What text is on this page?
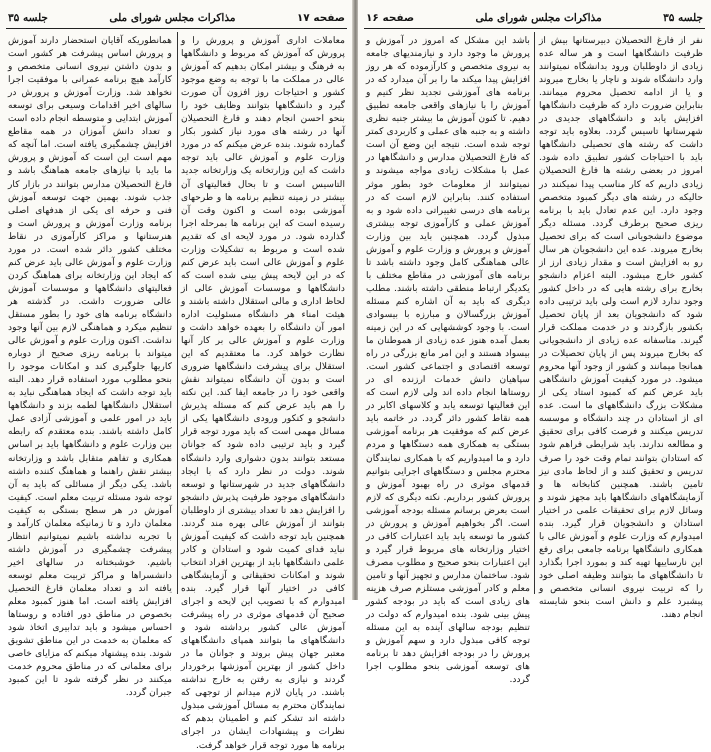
صفحه ۱۷
مذاکرات مجلس شورای ملی
جلسه ۳۵

معاملات اداری آموزش و پرورش را و پرورش که آموزش که مربوط و دانشگاهها به فرهنگ و بیشتر امکان بدهیم که آموزش عالی در مملکت ما با توجه به وضع موجود کشور و احتیاجات روز افزون آن صورت گیرد و دانشگاهها بتوانند وظایف خود را بنحو احسن انجام دهند و فارغ التحصیلان آنها در رشته های مورد نیاز کشور بکار گمارده شوند. بنده عرض میکنم که در مورد وزارت علوم و آموزش عالی باید توجه داشت که این وزارتخانه یک وزارتخانه جدید التاسیس است و تا بحال فعالیتهای آن بیشتر در زمینه تنظیم برنامه ها و طرحهای آموزشی بوده است و اکنون وقت آن رسیده است که این برنامه ها بمرحله اجرا گذارده شود. در مورد لایحه ای که تقدیم شده است و مربوط به تشکیلات وزارت علوم و آموزش عالی است باید عرض کنم که در این لایحه پیش بینی شده است که دانشگاهها و موسسات آموزش عالی از لحاظ اداری و مالی استقلال داشته باشند و هیئت امناء هر دانشگاه مسئولیت اداره امور آن دانشگاه را بعهده خواهد داشت و وزارت علوم و آموزش عالی بر کار آنها نظارت خواهد کرد. ما معتقدیم که این استقلال برای پیشرفت دانشگاهها ضروری است و بدون آن دانشگاه نمیتواند نقش واقعی خود را در جامعه ایفا کند. این نکته را هم باید عرض کنم که مسئله پذیرش دانشجو و کنکور ورودی دانشگاهها یکی از مسائل مهمی است که باید مورد توجه قرار گیرد و باید ترتیبی داده شود که جوانان مستعد بتوانند بدون دشواری وارد دانشگاه شوند. دولت در نظر دارد که با ایجاد دانشگاههای جدید در شهرستانها و توسعه دانشگاههای موجود ظرفیت پذیرش دانشجو را افزایش دهد تا تعداد بیشتری از داوطلبان بتوانند از آموزش عالی بهره مند گردند. همچنین باید توجه داشت که کیفیت آموزش نباید فدای کمیت شود و استادان و کادر علمی دانشگاهها باید از بهترین افراد انتخاب شوند و امکانات تحقیقاتی و آزمایشگاهی کافی در اختیار آنها قرار گیرد. بنده امیدوارم که با تصویب این لایحه و اجرای صحیح آن قدمهای موثری در راه پیشرفت آموزش عالی کشور برداشته شود و دانشگاههای ما بتوانند همپای دانشگاههای معتبر جهان پیش بروند و جوانان ما در داخل کشور از بهترین آموزشها برخوردار گردند و نیازی به رفتن به خارج نداشته باشند. در پایان لازم میدانم از توجهی که نمایندگان محترم به مسائل آموزشی مبذول داشته اند تشکر کنم و اطمینان بدهم که نظرات و پیشنهادات ایشان در اجرای برنامه ها مورد توجه قرار خواهد گرفت.

همانطوریکه آقایان استحضار دارند آموزش و پرورش اساس پیشرفت هر کشور است و بدون داشتن نیروی انسانی متخصص و کارآمد هیچ برنامه عمرانی با موفقیت اجرا نخواهد شد. وزارت آموزش و پرورش در سالهای اخیر اقدامات وسیعی برای توسعه آموزش ابتدایی و متوسطه انجام داده است و تعداد دانش آموزان در همه مقاطع افزایش چشمگیری یافته است. اما آنچه که مهم است این است که آموزش و پرورش ما باید با نیازهای جامعه هماهنگ باشد و فارغ التحصیلان مدارس بتوانند در بازار کار جذب شوند. بهمین جهت توسعه آموزش فنی و حرفه ای یکی از هدفهای اصلی برنامه وزارت آموزش و پرورش است و هنرستانها و مراکز کارآموزی در نقاط مختلف کشور دائر شده است. در مورد وزارت علوم و آموزش عالی باید عرض کنم که ایجاد این وزارتخانه برای هماهنگ کردن فعالیتهای دانشگاهها و موسسات آموزش عالی ضرورت داشت. در گذشته هر دانشگاه برنامه های خود را بطور مستقل تنظیم میکرد و هماهنگی لازم بین آنها وجود نداشت. اکنون وزارت علوم و آموزش عالی میتواند با برنامه ریزی صحیح از دوباره کاریها جلوگیری کند و امکانات موجود را بنحو مطلوب مورد استفاده قرار دهد. البته باید توجه داشت که ایجاد هماهنگی نباید به استقلال دانشگاهها لطمه بزند و دانشگاهها باید در امور علمی و آموزشی آزادی عمل کامل داشته باشند. بنده معتقدم که رابطه بین وزارت علوم و دانشگاهها باید بر اساس همکاری و تفاهم متقابل باشد و وزارتخانه بیشتر نقش راهنما و هماهنگ کننده داشته باشد. یکی دیگر از مسائلی که باید به آن توجه شود مسئله تربیت معلم است. کیفیت آموزش در هر سطح بستگی به کیفیت معلمان دارد و تا زمانیکه معلمان کارآمد و با تجربه نداشته باشیم نمیتوانیم انتظار پیشرفت چشمگیری در آموزش داشته باشیم. خوشبختانه در سالهای اخیر دانشسراها و مراکز تربیت معلم توسعه یافته اند و تعداد معلمان فارغ التحصیل افزایش یافته است. اما هنوز کمبود معلم بخصوص در مناطق دور افتاده و روستاها احساس میشود و باید تدابیری اتخاذ شود که معلمان به خدمت در این مناطق تشویق شوند. بنده پیشنهاد میکنم که مزایای خاصی برای معلمانی که در مناطق محروم خدمت میکنند در نظر گرفته شود تا این کمبود جبران گردد.

جلسه ۳۵
مذاکرات مجلس شورای ملی
صفحه ۱۶

نفر از فارغ التحصیلان دبیرستانها بیش از ظرفیت دانشگاهها است و هر ساله عده زیادی از داوطلبان ورود بدانشگاه نمیتوانند وارد دانشگاه شوند و ناچار یا بخارج میروند و یا از ادامه تحصیل محروم میمانند. بنابراین ضرورت دارد که ظرفیت دانشگاهها افزایش یابد و دانشگاههای جدیدی در شهرستانها تاسیس گردد. بعلاوه باید توجه داشت که رشته های تحصیلی دانشگاهها باید با احتیاجات کشور تطبیق داده شود. امروز در بعضی رشته ها فارغ التحصیلان زیادی داریم که کار مناسب پیدا نمیکنند در حالیکه در رشته های دیگر کمبود متخصص وجود دارد. این عدم تعادل باید با برنامه ریزی صحیح برطرف گردد. مسئله دیگر موضوع دانشجویانی است که برای تحصیل بخارج میروند. عده این دانشجویان هر سال رو به افزایش است و مقدار زیادی ارز از کشور خارج میشود. البته اعزام دانشجو بخارج برای رشته هایی که در داخل کشور وجود ندارد لازم است ولی باید ترتیبی داده شود که دانشجویان بعد از پایان تحصیل بکشور بازگردند و در خدمت مملکت قرار گیرند. متاسفانه عده زیادی از دانشجویانی که بخارج میروند پس از پایان تحصیلات در همانجا میمانند و کشور از وجود آنها محروم میشود. در مورد کیفیت آموزش دانشگاهی باید عرض کنم که کمبود استاد یکی از مشکلات بزرگ دانشگاههای ما است. عده ای از استادان در چند دانشگاه و موسسه تدریس میکنند و فرصت کافی برای تحقیق و مطالعه ندارند. باید شرایطی فراهم شود که استادان بتوانند تمام وقت خود را صرف تدریس و تحقیق کنند و از لحاظ مادی نیز تامین باشند. همچنین کتابخانه ها و آزمایشگاههای دانشگاهها باید مجهز شوند و وسائل لازم برای تحقیقات علمی در اختیار استادان و دانشجویان قرار گیرد. بنده امیدوارم که وزارت علوم و آموزش عالی با همکاری دانشگاهها برنامه جامعی برای رفع این نارساییها تهیه کند و بمورد اجرا بگذارد تا دانشگاههای ما بتوانند وظیفه اصلی خود را که تربیت نیروی انسانی متخصص و پیشبرد علم و دانش است بنحو شایسته انجام دهند.

باشد این مشکل که امروز در آموزش و پرورش ما وجود دارد و نیازمندیهای جامعه به نیروی متخصص و کارآزموده که هر روز افزایش پیدا میکند ما را بر آن میدارد که در برنامه های آموزشی تجدید نظر کنیم و آموزش را با نیازهای واقعی جامعه تطبیق دهیم. تا کنون آموزش ما بیشتر جنبه نظری داشته و به جنبه های عملی و کاربردی کمتر توجه شده است. نتیجه این وضع آن است که فارغ التحصیلان مدارس و دانشگاهها در عمل با مشکلات زیادی مواجه میشوند و نمیتوانند از معلومات خود بطور موثر استفاده کنند. بنابراین لازم است که در برنامه های درسی تغییراتی داده شود و به آموزش عملی و کارآموزی توجه بیشتری مبذول گردد. همچنین باید بین وزارت آموزش و پرورش و وزارت علوم و آموزش عالی هماهنگی کامل وجود داشته باشد تا برنامه های آموزشی در مقاطع مختلف با یکدیگر ارتباط منطقی داشته باشند. مطلب دیگری که باید به آن اشاره کنم مسئله آموزش بزرگسالان و مبارزه با بیسوادی است. با وجود کوششهایی که در این زمینه بعمل آمده هنوز عده زیادی از هموطنان ما بیسواد هستند و این امر مانع بزرگی در راه توسعه اقتصادی و اجتماعی کشور است. سپاهیان دانش خدمات ارزنده ای در روستاها انجام داده اند ولی لازم است که این فعالیتها توسعه یابد و کلاسهای اکابر در همه نقاط کشور دائر گردد. در خاتمه باید عرض کنم که موفقیت هر برنامه آموزشی بستگی به همکاری همه دستگاهها و مردم دارد و ما امیدواریم که با همکاری نمایندگان محترم مجلس و دستگاههای اجرایی بتوانیم قدمهای موثری در راه بهبود آموزش و پرورش کشور برداریم. نکته دیگری که لازم است بعرض برسانم مسئله بودجه آموزشی است. اگر بخواهیم آموزش و پرورش در کشور ما توسعه یابد باید اعتبارات کافی در اختیار وزارتخانه های مربوط قرار گیرد و این اعتبارات بنحو صحیح و مطلوب مصرف شود. ساختمان مدارس و تجهیز آنها و تامین معلم و کادر آموزشی مستلزم صرف هزینه های زیادی است که باید در بودجه کشور پیش بینی شود. بنده امیدوارم که دولت در تنظیم بودجه سالهای آینده به این مسئله توجه کافی مبذول دارد و سهم آموزش و پرورش را در بودجه افزایش دهد تا برنامه های توسعه آموزشی بنحو مطلوب اجرا گردد.
